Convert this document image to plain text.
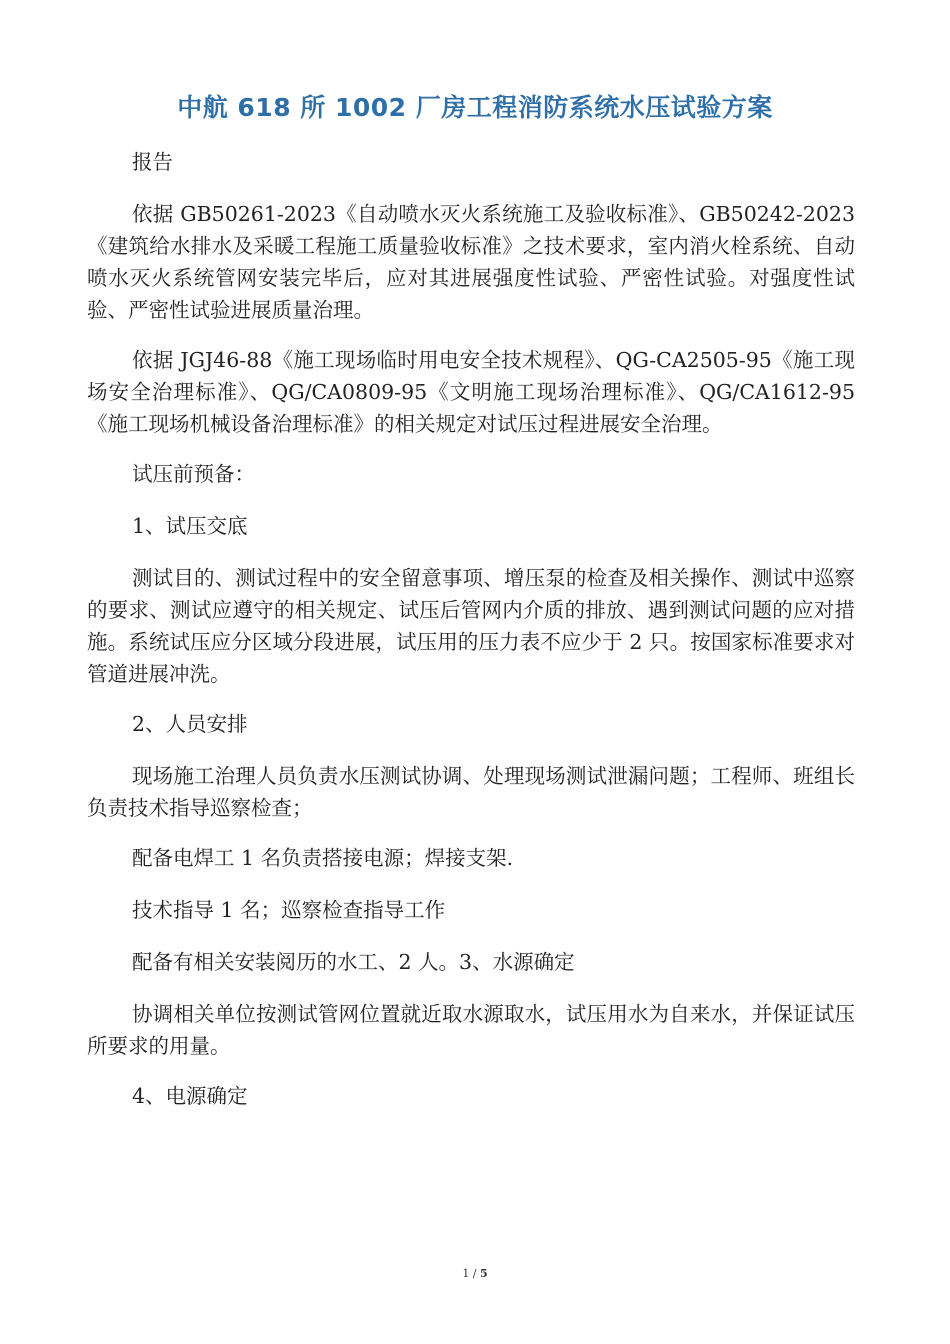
中航 618 所 1002 厂房工程消防系统水压试验方案

报告

依据 GB50261-2023《自动喷水灭火系统施工及验收标准》、GB50242-2023《建筑给水排水及采暖工程施工质量验收标准》之技术要求，室内消火栓系统、自动喷水灭火系统管网安装完毕后，应对其进展强度性试验、严密性试验。对强度性试验、严密性试验进展质量治理。

依据 JGJ46-88《施工现场临时用电安全技术规程》、QG-CA2505-95《施工现场安全治理标准》、QG/CA0809-95《文明施工现场治理标准》、QG/CA1612-95《施工现场机械设备治理标准》的相关规定对试压过程进展安全治理。

试压前预备：

1、试压交底

测试目的、测试过程中的安全留意事项、增压泵的检查及相关操作、测试中巡察的要求、测试应遵守的相关规定、试压后管网内介质的排放、遇到测试问题的应对措施。系统试压应分区域分段进展，试压用的压力表不应少于 2 只。按国家标准要求对管道进展冲洗。

2、人员安排

现场施工治理人员负责水压测试协调、处理现场测试泄漏问题；工程师、班组长负责技术指导巡察检查；

配备电焊工 1 名负责搭接电源；焊接支架.

技术指导 1 名；巡察检查指导工作

配备有相关安装阅历的水工、2 人。3、水源确定

协调相关单位按测试管网位置就近取水源取水，试压用水为自来水，并保证试压所要求的用量。

4、电源确定

1 / 5
